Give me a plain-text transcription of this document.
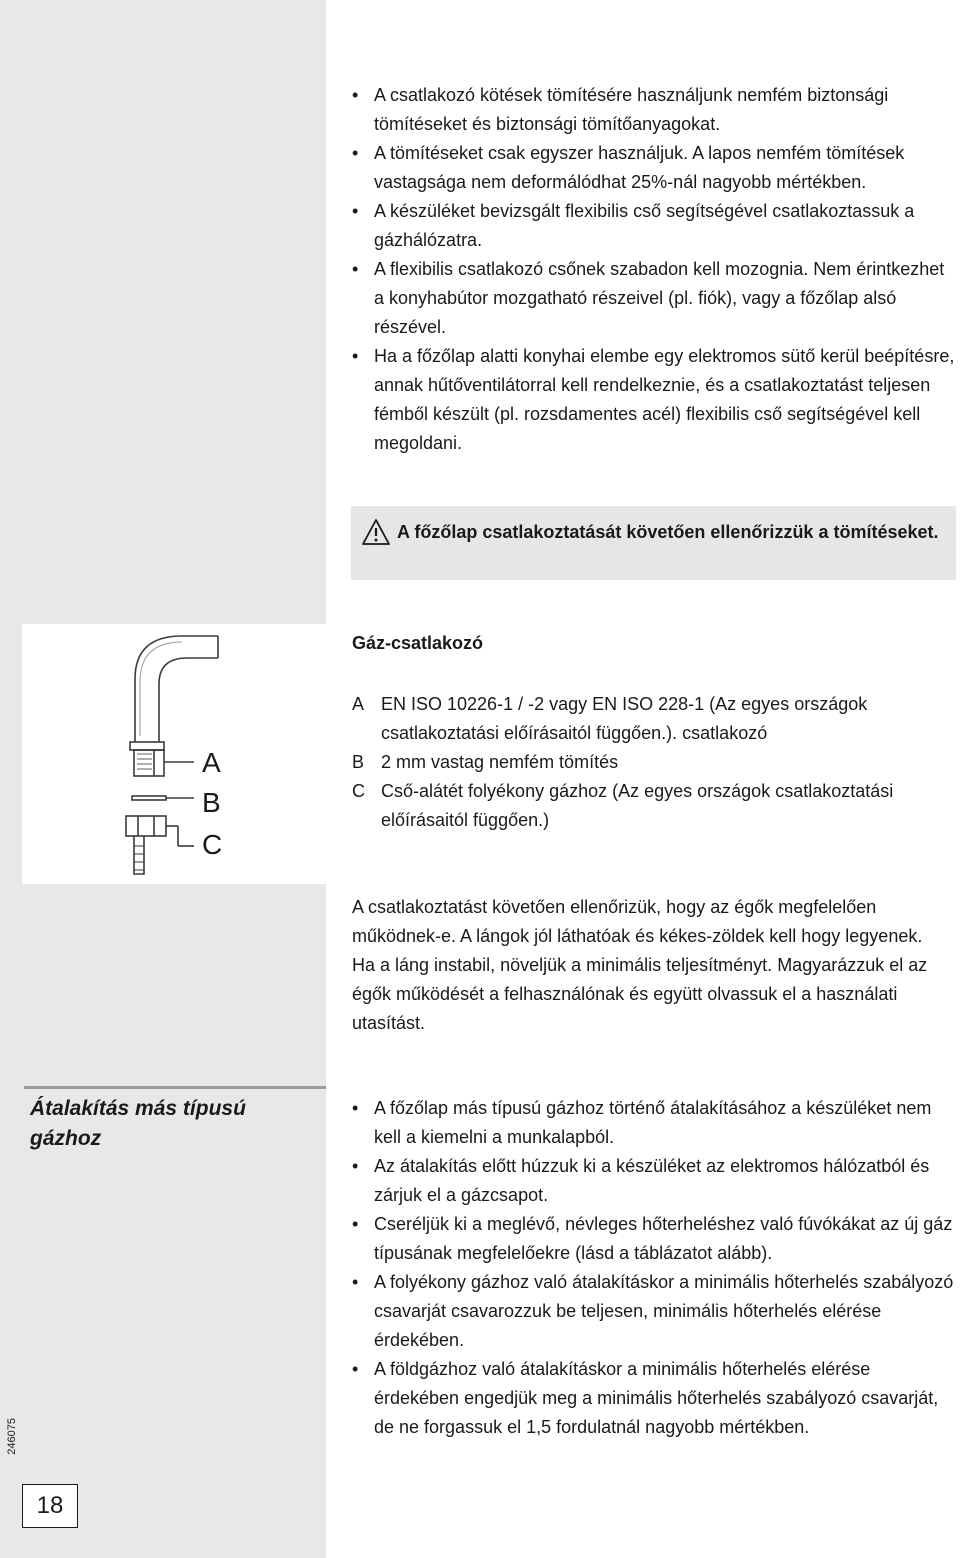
• A csatlakozó kötések tömítésére használjunk nemfém biztonsági tömítéseket és biztonsági tömítőanyagokat.
• A tömítéseket csak egyszer használjuk. A lapos nemfém tömítések vastagsága nem deformálódhat 25%-nál nagyobb mértékben.
• A készüléket bevizsgált flexibilis cső segítségével csatlakoztassuk a gázhálózatra.
• A flexibilis csatlakozó csőnek szabadon kell mozognia. Nem érintkezhet a konyhabútor mozgatható részeivel (pl. fiók), vagy a főzőlap alsó részével.
• Ha a főzőlap alatti konyhai elembe egy elektromos sütő kerül beépítésre, annak hűtőventilátorral kell rendelkeznie, és a csatlakoztatást teljesen fémből készült (pl. rozsdamentes acél) flexibilis cső segítségével kell megoldani.
A főzőlap csatlakoztatását követően ellenőrizzük a tömítéseket.
A
B
C
Gáz-csatlakozó
A EN ISO 10226-1 / -2 vagy EN ISO 228-1 (Az egyes országok csatlakoztatási előírásaitól függően.). csatlakozó
B 2 mm vastag nemfém tömítés
C Cső-alátét folyékony gázhoz (Az egyes országok csatlakoztatási előírásaitól függően.)
A csatlakoztatást követően ellenőrizük, hogy az égők megfelelően működnek-e. A lángok jól láthatóak és kékes-zöldek kell hogy legyenek. Ha a láng instabil, növeljük a minimális teljesítményt. Magyarázzuk el az égők működését a felhasználónak és együtt olvassuk el a használati utasítást.
Átalakítás más típusú gázhoz
• A főzőlap más típusú gázhoz történő átalakításához a készüléket nem kell a kiemelni a munkalapból.
• Az átalakítás előtt húzzuk ki a készüléket az elektromos hálózatból és zárjuk el a gázcsapot.
• Cseréljük ki a meglévő, névleges hőterheléshez való fúvókákat az új gáz típusának megfelelőekre (lásd a táblázatot alább).
• A folyékony gázhoz való átalakításkor a minimális hőterhelés szabályozó csavarját csavarozzuk be teljesen, minimális hőterhelés elérése érdekében.
• A földgázhoz való átalakításkor a minimális hőterhelés elérése érdekében engedjük meg a minimális hőterhelés szabályozó csavarját, de ne forgassuk el 1,5 fordulatnál nagyobb mértékben.
246075
18
